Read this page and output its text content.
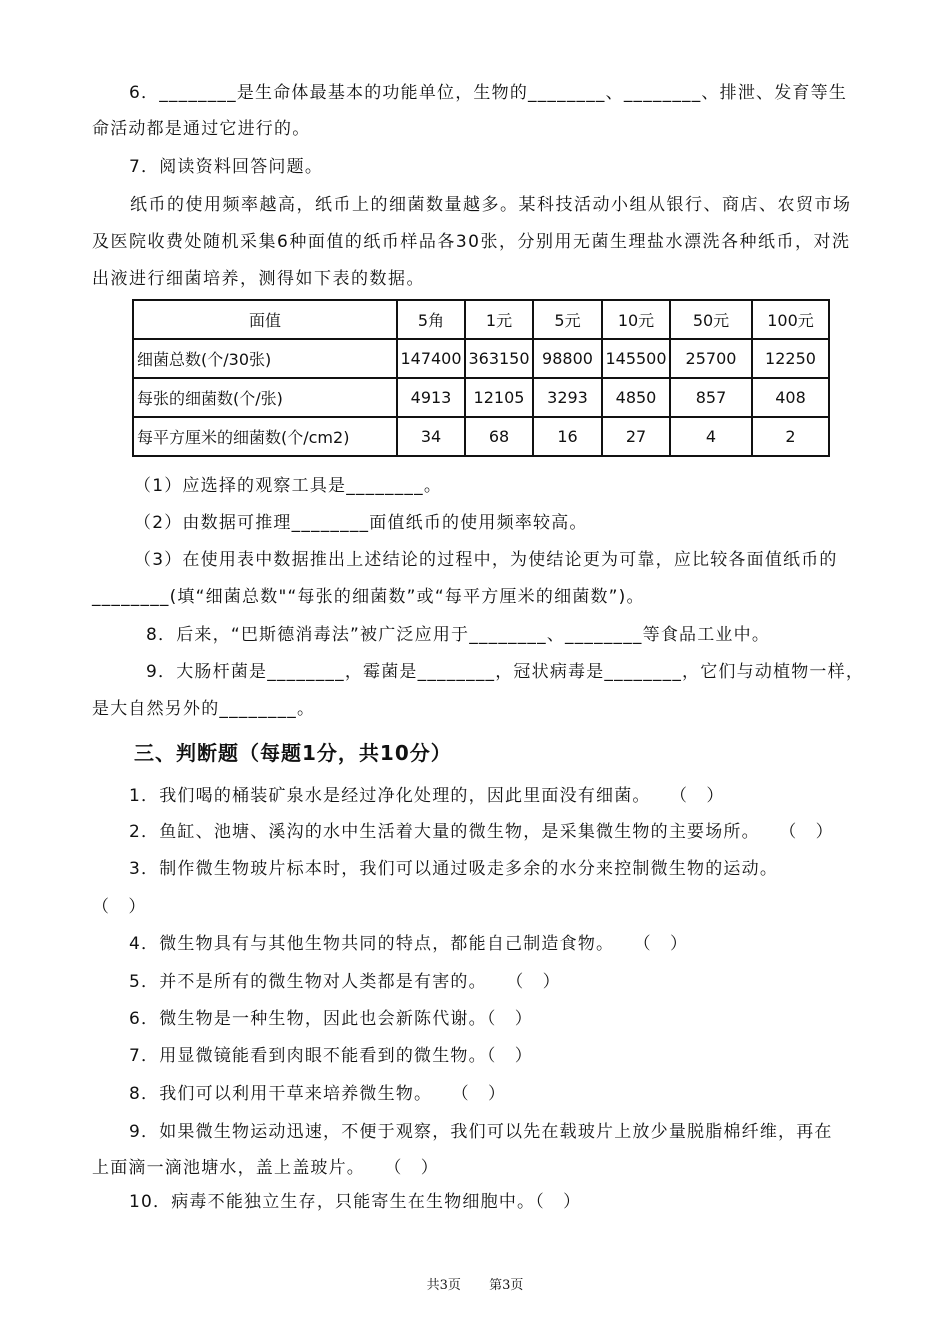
6．________是生命体最基本的功能单位，生物的________、________、排泄、发育等生
命活动都是通过它进行的。
7．阅读资料回答问题。
纸币的使用频率越高，纸币上的细菌数量越多。某科技活动小组从银行、商店、农贸市场及医院收费处随机采集6种面值的纸币样品各30张，分别用无菌生理盐水漂洗各种纸币，对洗出液进行细菌培养，测得如下表的数据。
面值	5角	1元	5元	10元	50元	100元
细菌总数(个/30张)	147400	363150	98800	145500	25700	12250
每张的细菌数(个/张)	4913	12105	3293	4850	857	408
每平方厘米的细菌数(个/cm2)	34	68	16	27	4	2
（1）应选择的观察工具是________。
（2）由数据可推理________面值纸币的使用频率较高。
（3）在使用表中数据推出上述结论的过程中，为使结论更为可靠，应比较各面值纸币的
________(填“细菌总数"“每张的细菌数”或“每平方厘米的细菌数”)。
8．后来，“巴斯德消毒法”被广泛应用于________、________等食品工业中。
9．大肠杆菌是________，霉菌是________，冠状病毒是________，它们与动植物一样，
是大自然另外的________。
三、判断题（每题1分，共10分）
1．我们喝的桶装矿泉水是经过净化处理的，因此里面没有细菌。　　（　）
2．鱼缸、池塘、溪沟的水中生活着大量的微生物，是采集微生物的主要场所。　　（　）
3．制作微生物玻片标本时，我们可以通过吸走多余的水分来控制微生物的运动。
（　）
4．微生物具有与其他生物共同的特点，都能自己制造食物。　　（　）
5．并不是所有的微生物对人类都是有害的。　　（　）
6．微生物是一种生物，因此也会新陈代谢。（　）
7．用显微镜能看到肉眼不能看到的微生物。（　）
8．我们可以利用干草来培养微生物。　　（　）
9．如果微生物运动迅速，不便于观察，我们可以先在载玻片上放少量脱脂棉纤维，再在
上面滴一滴池塘水，盖上盖玻片。　　（　）
10．病毒不能独立生存，只能寄生在生物细胞中。（　）
共3页 第3页
